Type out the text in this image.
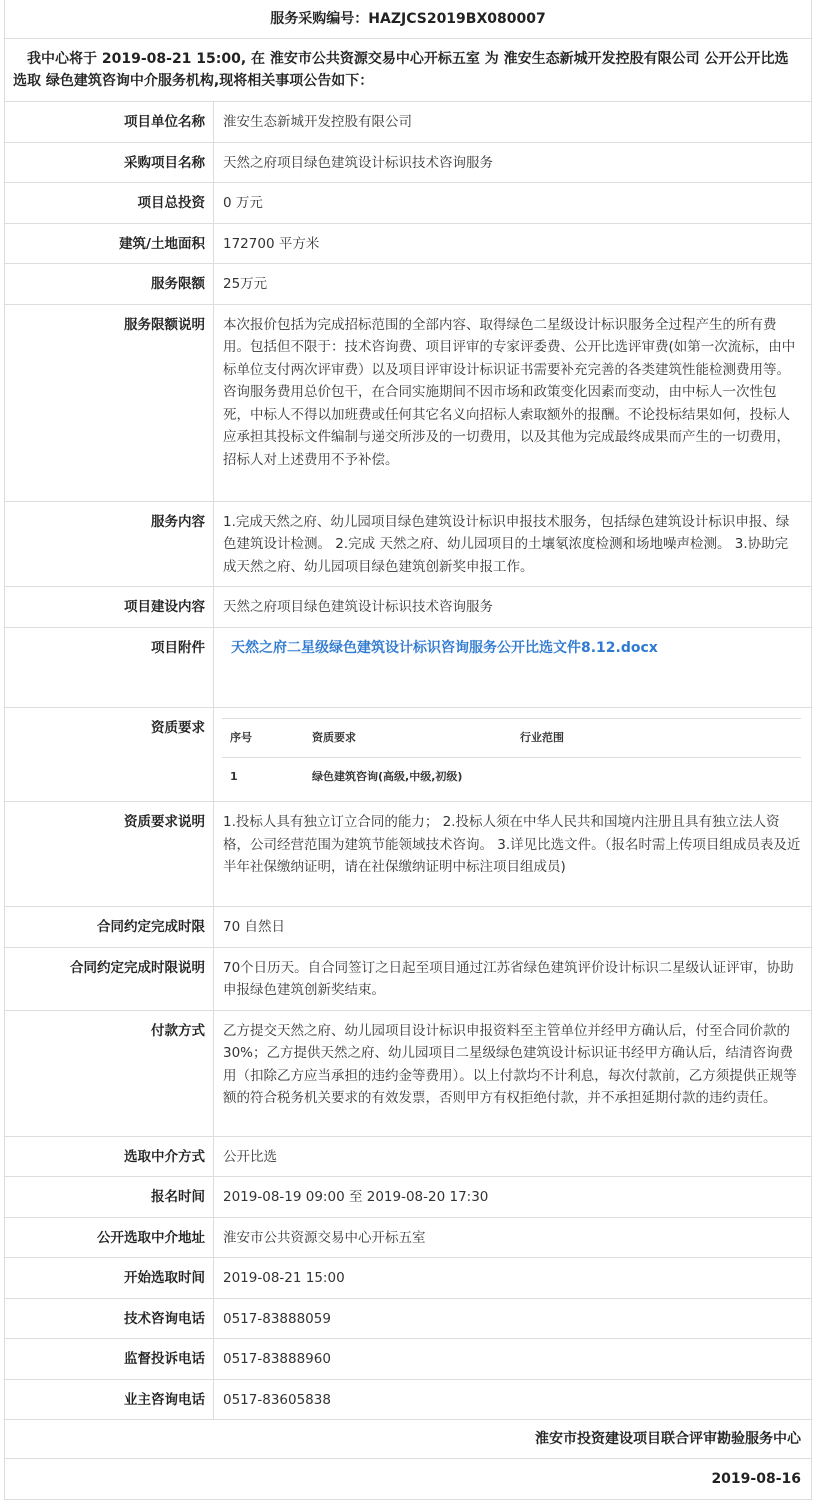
服务采购编号：HAZJCS2019BX080007
我中心将于 2019-08-21 15:00, 在 淮安市公共资源交易中心开标五室 为 淮安生态新城开发控股有限公司 公开公开比选 选取 绿色建筑咨询中介服务机构,现将相关事项公告如下：
项目单位名称	淮安生态新城开发控股有限公司
采购项目名称	天然之府项目绿色建筑设计标识技术咨询服务
项目总投资	0 万元
建筑/土地面积	172700 平方米
服务限额	25万元
服务限额说明	本次报价包括为完成招标范围的全部内容、取得绿色二星级设计标识服务全过程产生的所有费用。包括但不限于：技术咨询费、项目评审的专家评委费、公开比选评审费(如第一次流标，由中标单位支付两次评审费）以及项目评审设计标识证书需要补充完善的各类建筑性能检测费用等。咨询服务费用总价包干，在合同实施期间不因市场和政策变化因素而变动，由中标人一次性包死，中标人不得以加班费或任何其它名义向招标人索取额外的报酬。不论投标结果如何，投标人应承担其投标文件编制与递交所涉及的一切费用，以及其他为完成最终成果而产生的一切费用，招标人对上述费用不予补偿。
服务内容	1.完成天然之府、幼儿园项目绿色建筑设计标识申报技术服务，包括绿色建筑设计标识申报、绿色建筑设计检测。 2.完成 天然之府、幼儿园项目的土壤氡浓度检测和场地噪声检测。 3.协助完成天然之府、幼儿园项目绿色建筑创新奖申报工作。
项目建设内容	天然之府项目绿色建筑设计标识技术咨询服务
项目附件	天然之府二星级绿色建筑设计标识咨询服务公开比选文件8.12.docx

资质要求	
序号	资质要求	行业范围
1	绿色建筑咨询(高级,中级,初级)	

资质要求说明	1.投标人具有独立订立合同的能力； 2.投标人须在中华人民共和国境内注册且具有独立法人资格，公司经营范围为建筑节能领域技术咨询。 3.详见比选文件。（报名时需上传项目组成员表及近半年社保缴纳证明，请在社保缴纳证明中标注项目组成员)
合同约定完成时限	70 自然日
合同约定完成时限说明	70个日历天。自合同签订之日起至项目通过江苏省绿色建筑评价设计标识二星级认证评审，协助申报绿色建筑创新奖结束。
付款方式	乙方提交天然之府、幼儿园项目设计标识申报资料至主管单位并经甲方确认后，付至合同价款的30%；乙方提供天然之府、幼儿园项目二星级绿色建筑设计标识证书经甲方确认后，结清咨询费用（扣除乙方应当承担的违约金等费用）。以上付款均不计利息，每次付款前，乙方须提供正规等额的符合税务机关要求的有效发票，否则甲方有权拒绝付款，并不承担延期付款的违约责任。
选取中介方式	公开比选
报名时间	2019-08-19 09:00 至 2019-08-20 17:30
公开选取中介地址	淮安市公共资源交易中心开标五室
开始选取时间	2019-08-21 15:00
技术咨询电话	0517-83888059
监督投诉电话	0517-83888960
业主咨询电话	0517-83605838
淮安市投资建设项目联合评审勘验服务中心
2019-08-16
